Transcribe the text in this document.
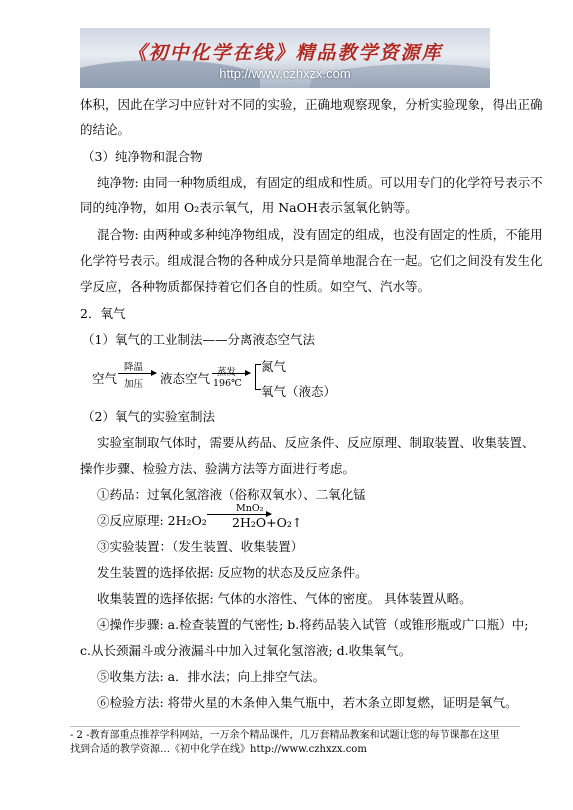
《初中化学在线》精品教学资源库
http://www.czhxzx.com
体积，因此在学习中应针对不同的实验，正确地观察现象，分析实验现象，得出正确
的结论。
（3）纯净物和混合物
纯净物: 由同一种物质组成，有固定的组成和性质。可以用专门的化学符号表示不
同的纯净物，如用 O₂表示氧气，用 NaOH表示氢氧化钠等。
混合物: 由两种或多种纯净物组成，没有固定的组成，也没有固定的性质，不能用
化学符号表示。组成混合物的各种成分只是简单地混合在一起。它们之间没有发生化
学反应，各种物质都保持着它们各自的性质。如空气、汽水等。
2．氧气
（1）氧气的工业制法——分离液态空气法
空气
降温
加压 液态空气 196℃
氮气
氧气（液态）
（2）氧气的实验室制法
实验室制取气体时，需要从药品、反应条件、反应原理、制取装置、收集装置、
操作步骤、检验方法、验满方法等方面进行考虑。
①药品：过氧化氢溶液（俗称双氧水）、二氧化锰
②反应原理: 2H₂O₂
MnO₂
2H₂O+O₂↑
③实验装置：（发生装置、收集装置）
发生装置的选择依据: 反应物的状态及反应条件。
收集装置的选择依据: 气体的水溶性、气体的密度。 具体装置从略。
④操作步骤: a.检查装置的气密性; b.将药品装入试管（或锥形瓶或广口瓶）中;
c.从长颈漏斗或分液漏斗中加入过氧化氢溶液; d.收集氧气。
⑤收集方法: a．排水法；向上排空气法。
⑥检验方法: 将带火星的木条伸入集气瓶中，若木条立即复燃，证明是氧气。
- 2 -教育部重点推荐学科网站，一万余个精品课件，几万套精品教案和试题让您的每节课都在这里
找到合适的教学资源…《初中化学在线》http://www.czhxzx.com
